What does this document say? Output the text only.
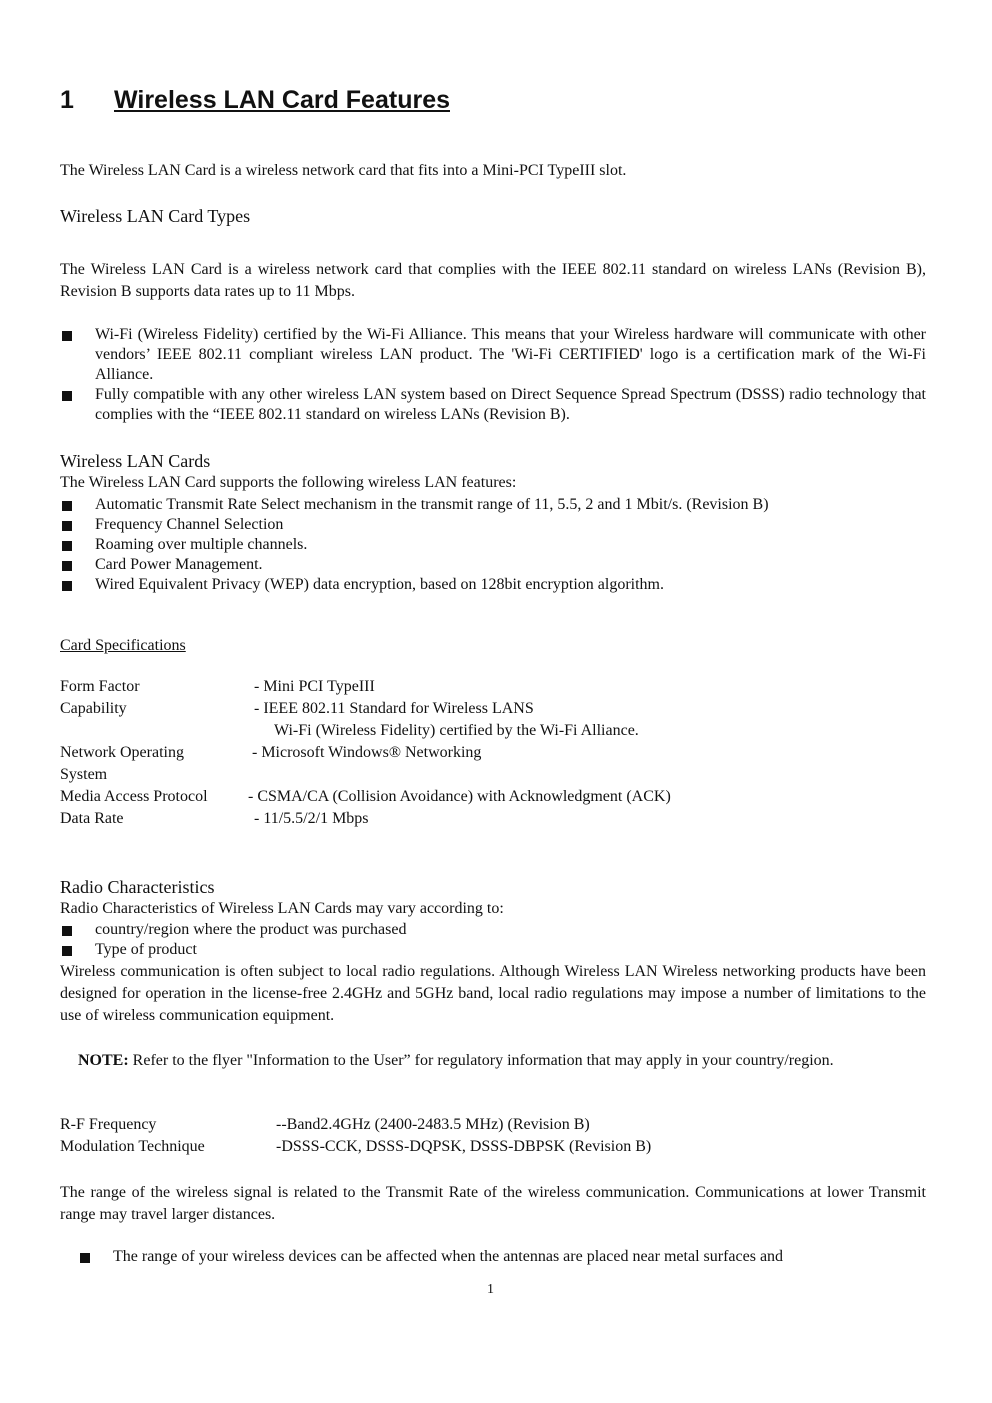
1 Wireless LAN Card Features
The Wireless LAN Card is a wireless network card that fits into a Mini-PCI TypeIII slot.
Wireless LAN Card Types
The Wireless LAN Card is a wireless network card that complies with the IEEE 802.11 standard on wireless LANs (Revision B), Revision B supports data rates up to 11 Mbps.
Wi-Fi (Wireless Fidelity) certified by the Wi-Fi Alliance. This means that your Wireless hardware will communicate with other vendors’ IEEE 802.11 compliant wireless LAN product. The 'Wi-Fi CERTIFIED' logo is a certification mark of the Wi-Fi Alliance.
Fully compatible with any other wireless LAN system based on Direct Sequence Spread Spectrum (DSSS) radio technology that complies with the “IEEE 802.11 standard on wireless LANs (Revision B).
Wireless LAN Cards
The Wireless LAN Card supports the following wireless LAN features:
Automatic Transmit Rate Select mechanism in the transmit range of 11, 5.5, 2 and 1 Mbit/s. (Revision B)
Frequency Channel Selection
Roaming over multiple channels.
Card Power Management.
Wired Equivalent Privacy (WEP) data encryption, based on 128bit encryption algorithm.
Card Specifications
Form Factor	- Mini PCI TypeIII
Capability	- IEEE 802.11 Standard for Wireless LANS
Wi-Fi (Wireless Fidelity) certified by the Wi-Fi Alliance.
Network Operating	- Microsoft Windows® Networking
System
Media Access Protocol	- CSMA/CA (Collision Avoidance) with Acknowledgment (ACK)
Data Rate	- 11/5.5/2/1 Mbps
Radio Characteristics
Radio Characteristics of Wireless LAN Cards may vary according to:
country/region where the product was purchased
Type of product
Wireless communication is often subject to local radio regulations. Although Wireless LAN Wireless networking products have been designed for operation in the license-free 2.4GHz and 5GHz band, local radio regulations may impose a number of limitations to the use of wireless communication equipment.
NOTE: Refer to the flyer "Information to the User” for regulatory information that may apply in your country/region.
R-F Frequency	--Band2.4GHz (2400-2483.5 MHz) (Revision B)
Modulation Technique	-DSSS-CCK, DSSS-DQPSK, DSSS-DBPSK (Revision B)
The range of the wireless signal is related to the Transmit Rate of the wireless communication. Communications at lower Transmit range may travel larger distances.
The range of your wireless devices can be affected when the antennas are placed near metal surfaces and
1
